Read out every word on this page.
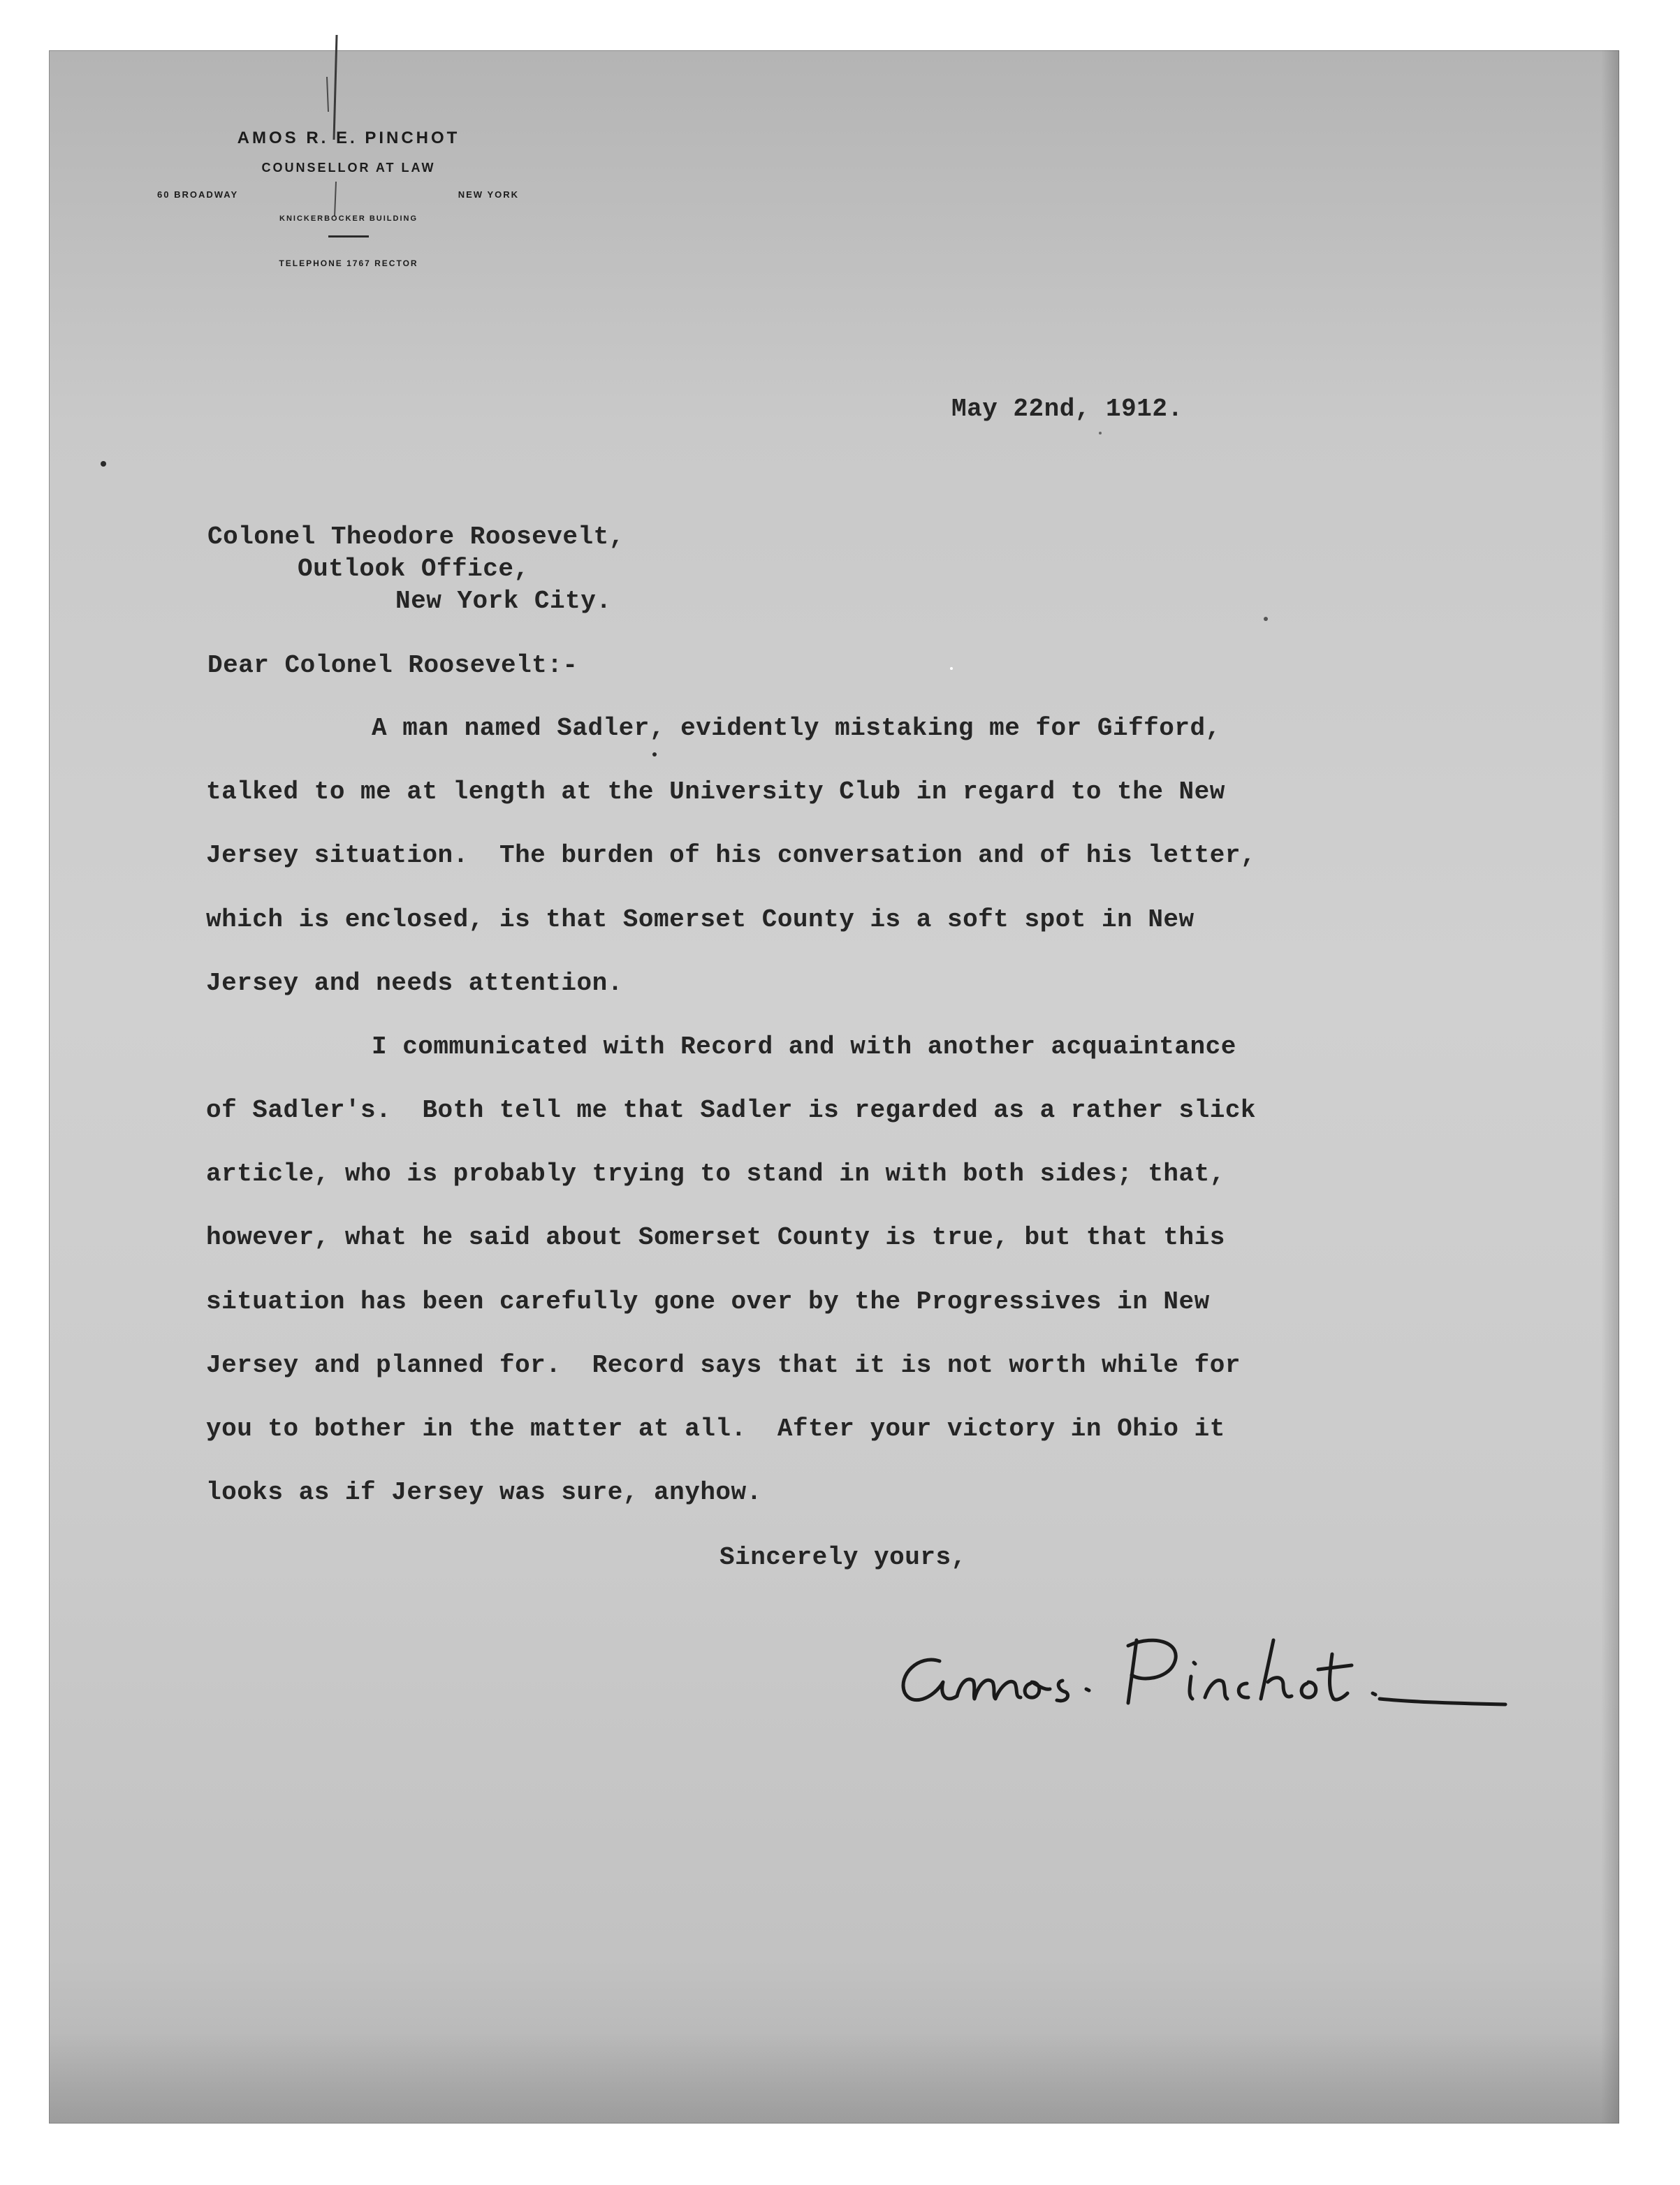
AMOS R. E. PINCHOT
COUNSELLOR AT LAW
60 BROADWAY	NEW YORK
KNICKERBOCKER BUILDING
TELEPHONE 1767 RECTOR
May 22nd, 1912.
Colonel Theodore Roosevelt,
Outlook Office,
New York City.
Dear Colonel Roosevelt:-
A man named Sadler, evidently mistaking me for Gifford,
talked to me at length at the University Club in regard to the New
Jersey situation.  The burden of his conversation and of his letter,
which is enclosed, is that Somerset County is a soft spot in New
Jersey and needs attention.
I communicated with Record and with another acquaintance
of Sadler's.  Both tell me that Sadler is regarded as a rather slick
article, who is probably trying to stand in with both sides; that,
however, what he said about Somerset County is true, but that this
situation has been carefully gone over by the Progressives in New
Jersey and planned for.  Record says that it is not worth while for
you to bother in the matter at all.  After your victory in Ohio it
looks as if Jersey was sure, anyhow.
Sincerely yours,
